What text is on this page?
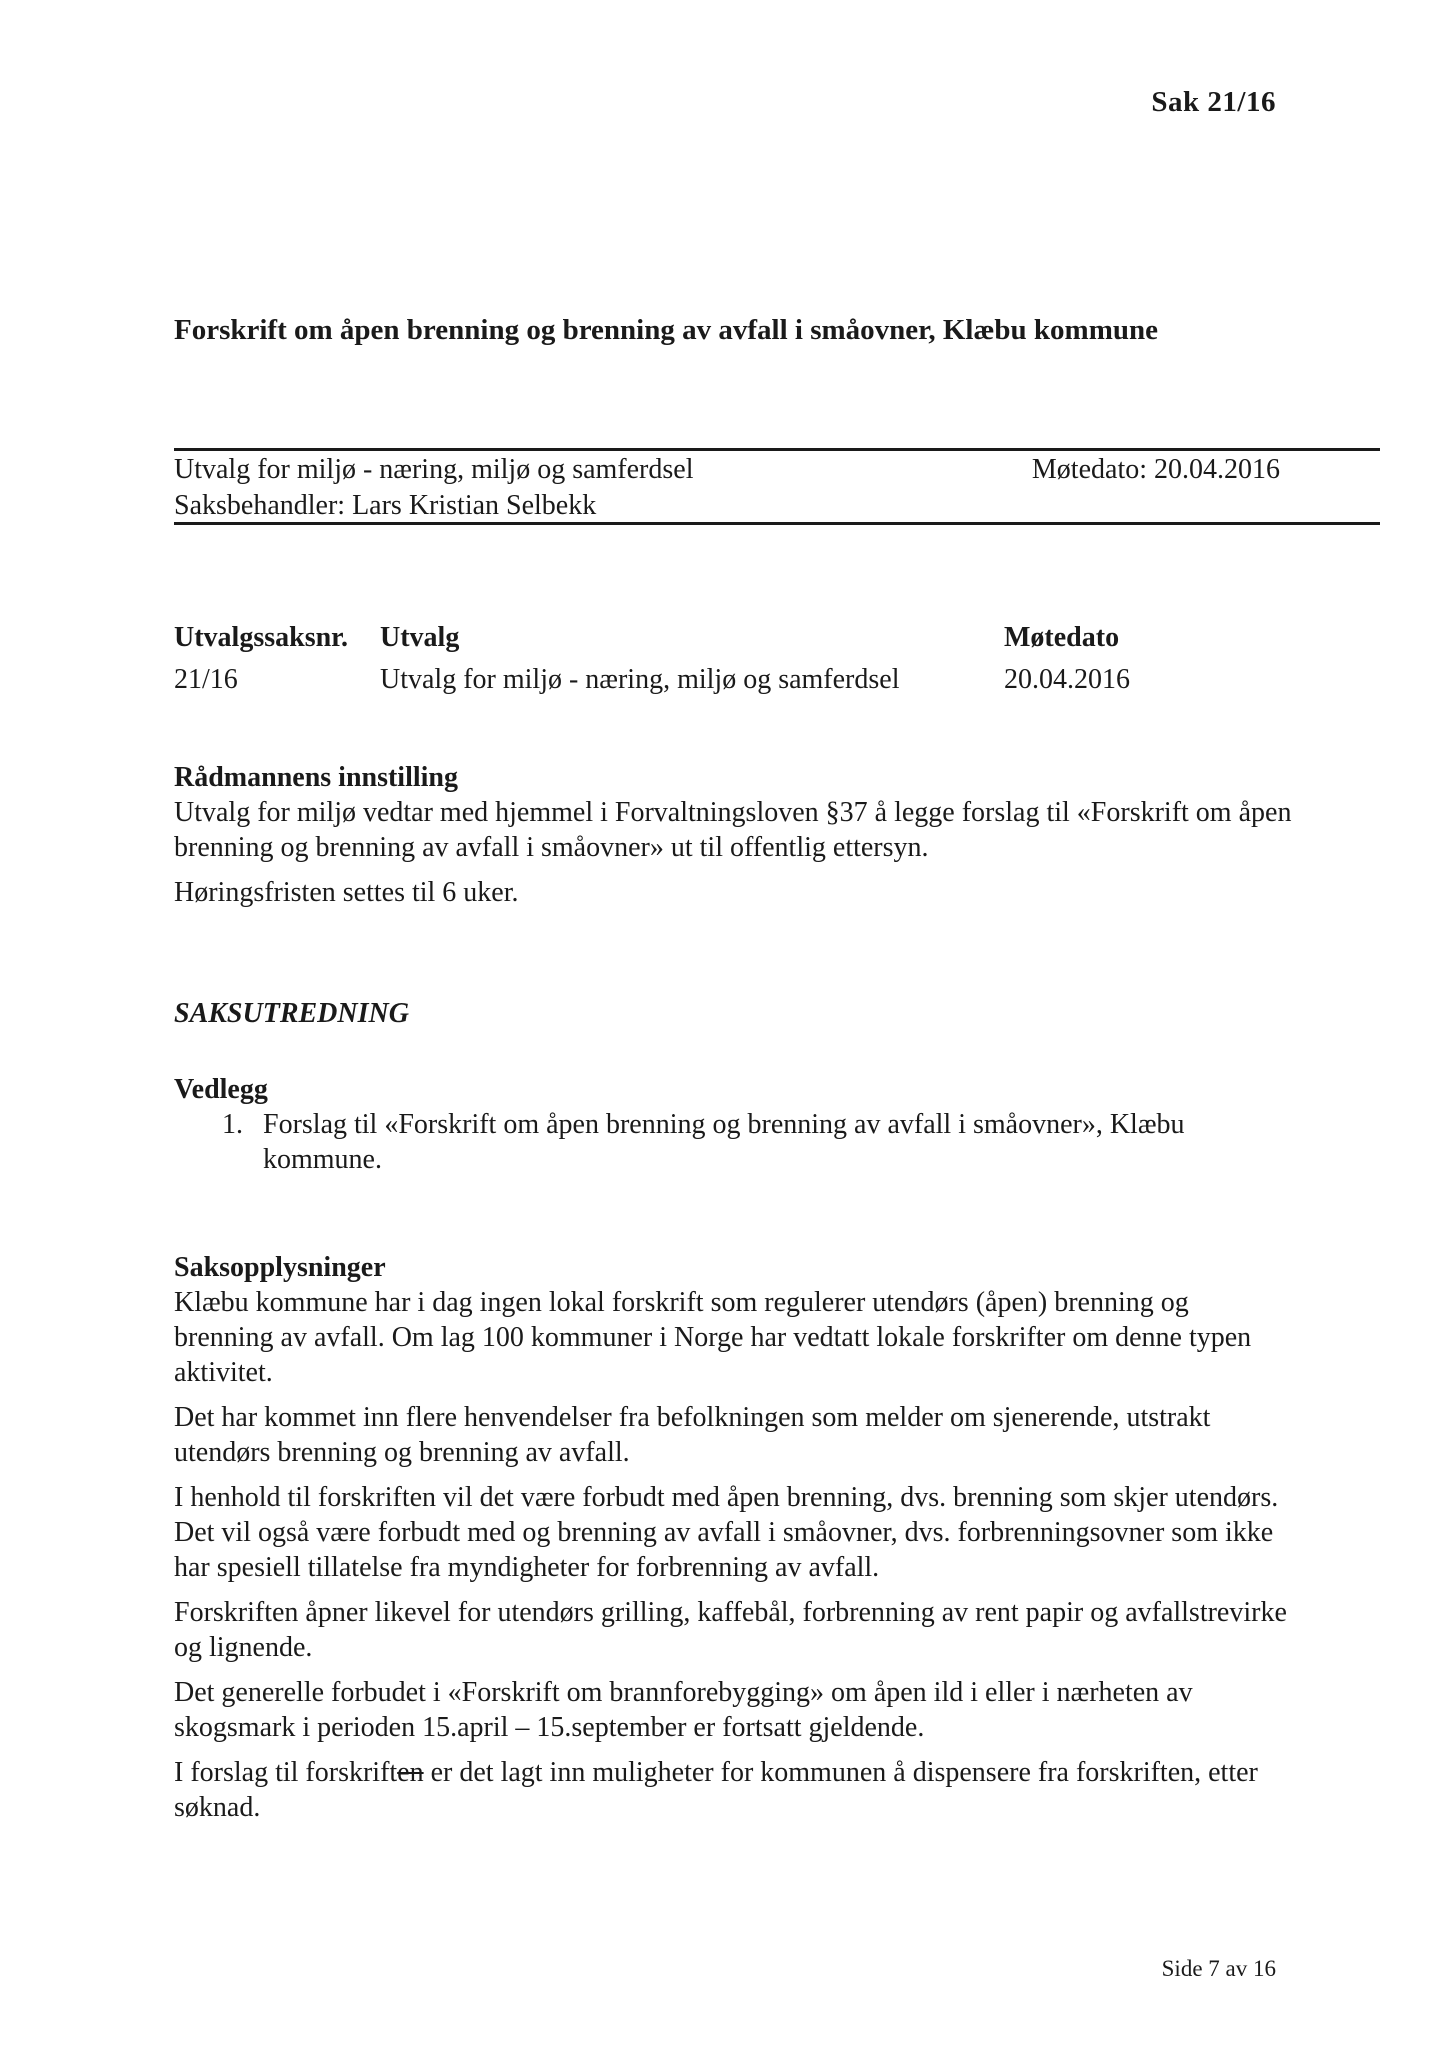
Sak 21/16
Forskrift om åpen brenning og brenning av avfall i småovner, Klæbu kommune
Utvalg for miljø - næring, miljø og samferdsel	Møtedato: 20.04.2016
Saksbehandler: Lars Kristian Selbekk
Utvalgssaksnr.	Utvalg	Møtedato
21/16	Utvalg for miljø - næring, miljø og samferdsel	20.04.2016
Rådmannens innstilling

Utvalg for miljø vedtar med hjemmel i Forvaltningsloven §37 å legge forslag til «Forskrift om åpen brenning og brenning av avfall i småovner» ut til offentlig ettersyn.

Høringsfristen settes til 6 uker.

SAKSUTREDNING
Vedlegg
1. Forslag til «Forskrift om åpen brenning og brenning av avfall i småovner», Klæbu kommune.
Saksopplysninger

Klæbu kommune har i dag ingen lokal forskrift som regulerer utendørs (åpen) brenning og brenning av avfall. Om lag 100 kommuner i Norge har vedtatt lokale forskrifter om denne typen aktivitet.

Det har kommet inn flere henvendelser fra befolkningen som melder om sjenerende, utstrakt utendørs brenning og brenning av avfall.

I henhold til forskriften vil det være forbudt med åpen brenning, dvs. brenning som skjer utendørs. Det vil også være forbudt med og brenning av avfall i småovner, dvs. forbrenningsovner som ikke har spesiell tillatelse fra myndigheter for forbrenning av avfall.

Forskriften åpner likevel for utendørs grilling, kaffebål, forbrenning av rent papir og avfallstrevirke og lignende.

Det generelle forbudet i «Forskrift om brannforebygging» om åpen ild i eller i nærheten av skogsmark i perioden 15.april – 15.september er fortsatt gjeldende.

I forslag til forskriften er det lagt inn muligheter for kommunen å dispensere fra forskriften, etter søknad.

Side 7 av 16
